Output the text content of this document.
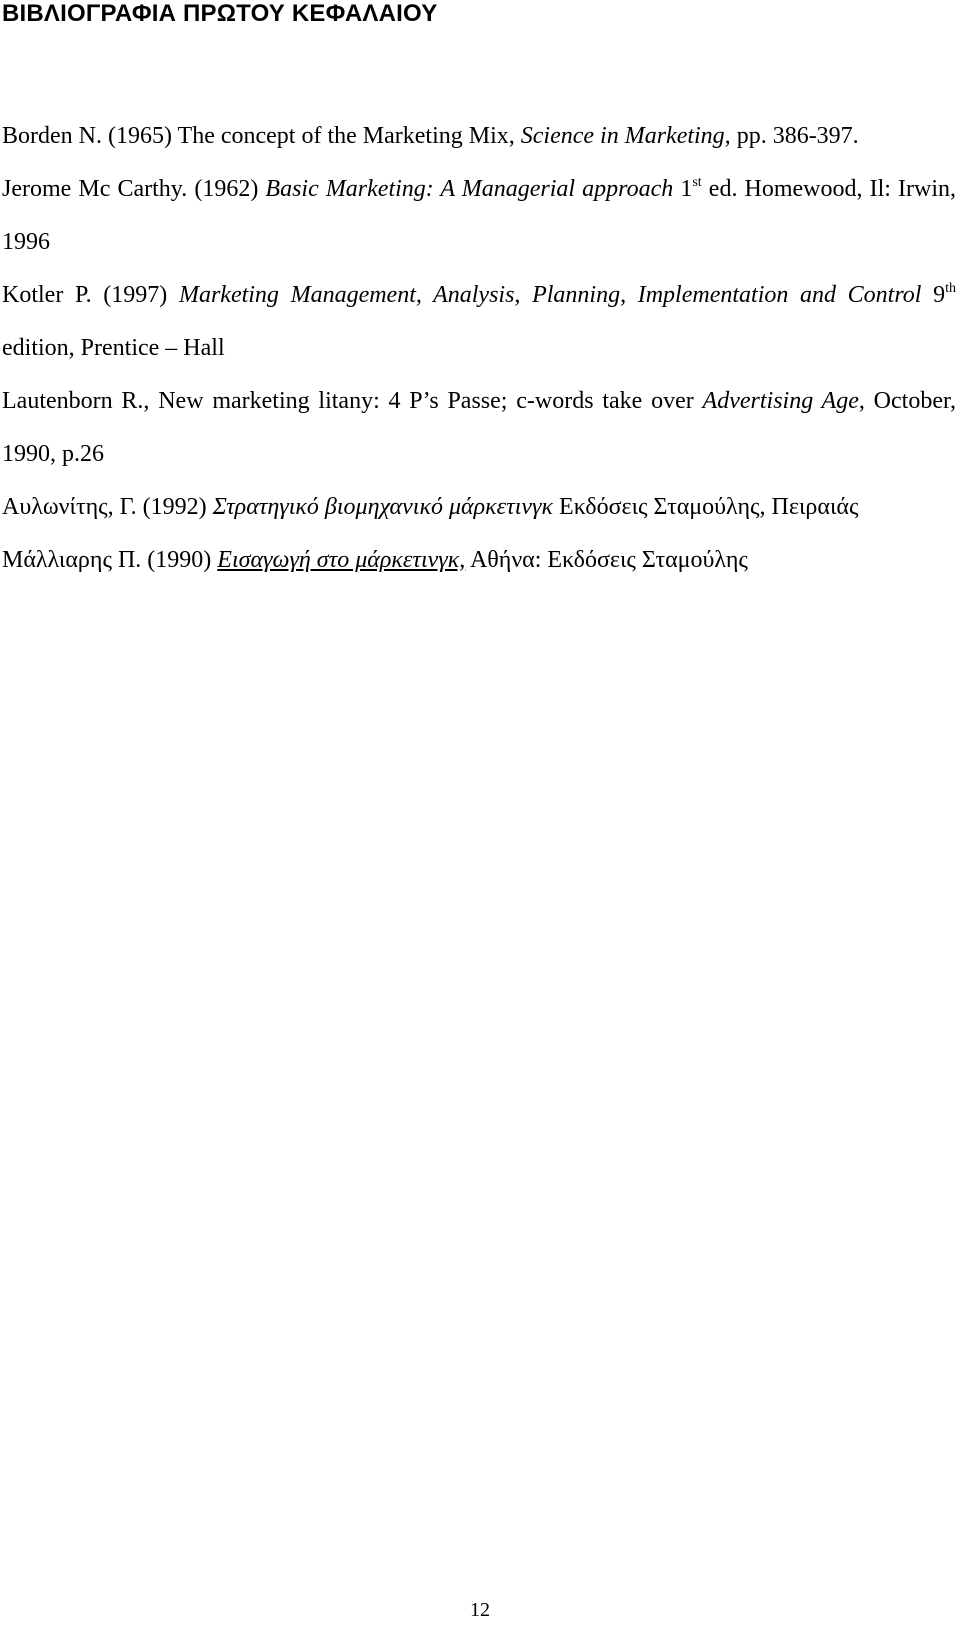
ΒΙΒΛΙΟΓΡΑΦΙΑ ΠΡΩΤΟΥ ΚΕΦΑΛΑΙΟΥ

Borden N. (1965) The concept of the Marketing Mix, Science in Marketing, pp. 386-397.

Jerome Mc Carthy. (1962) Basic Marketing: A Managerial approach 1st ed. Homewood, Il: Irwin, 1996

Kotler P. (1997) Marketing Management, Analysis, Planning, Implementation and Control 9th edition, Prentice – Hall

Lautenborn R., New marketing litany: 4 P’s Passe; c-words take over Advertising Age, October, 1990, p.26

Αυλωνίτης, Γ. (1992) Στρατηγικό βιομηχανικό μάρκετινγκ Εκδόσεις Σταμούλης, Πειραιάς

Μάλλιαρης Π. (1990) Εισαγωγή στο μάρκετινγκ, Αθήνα: Εκδόσεις Σταμούλης

12
